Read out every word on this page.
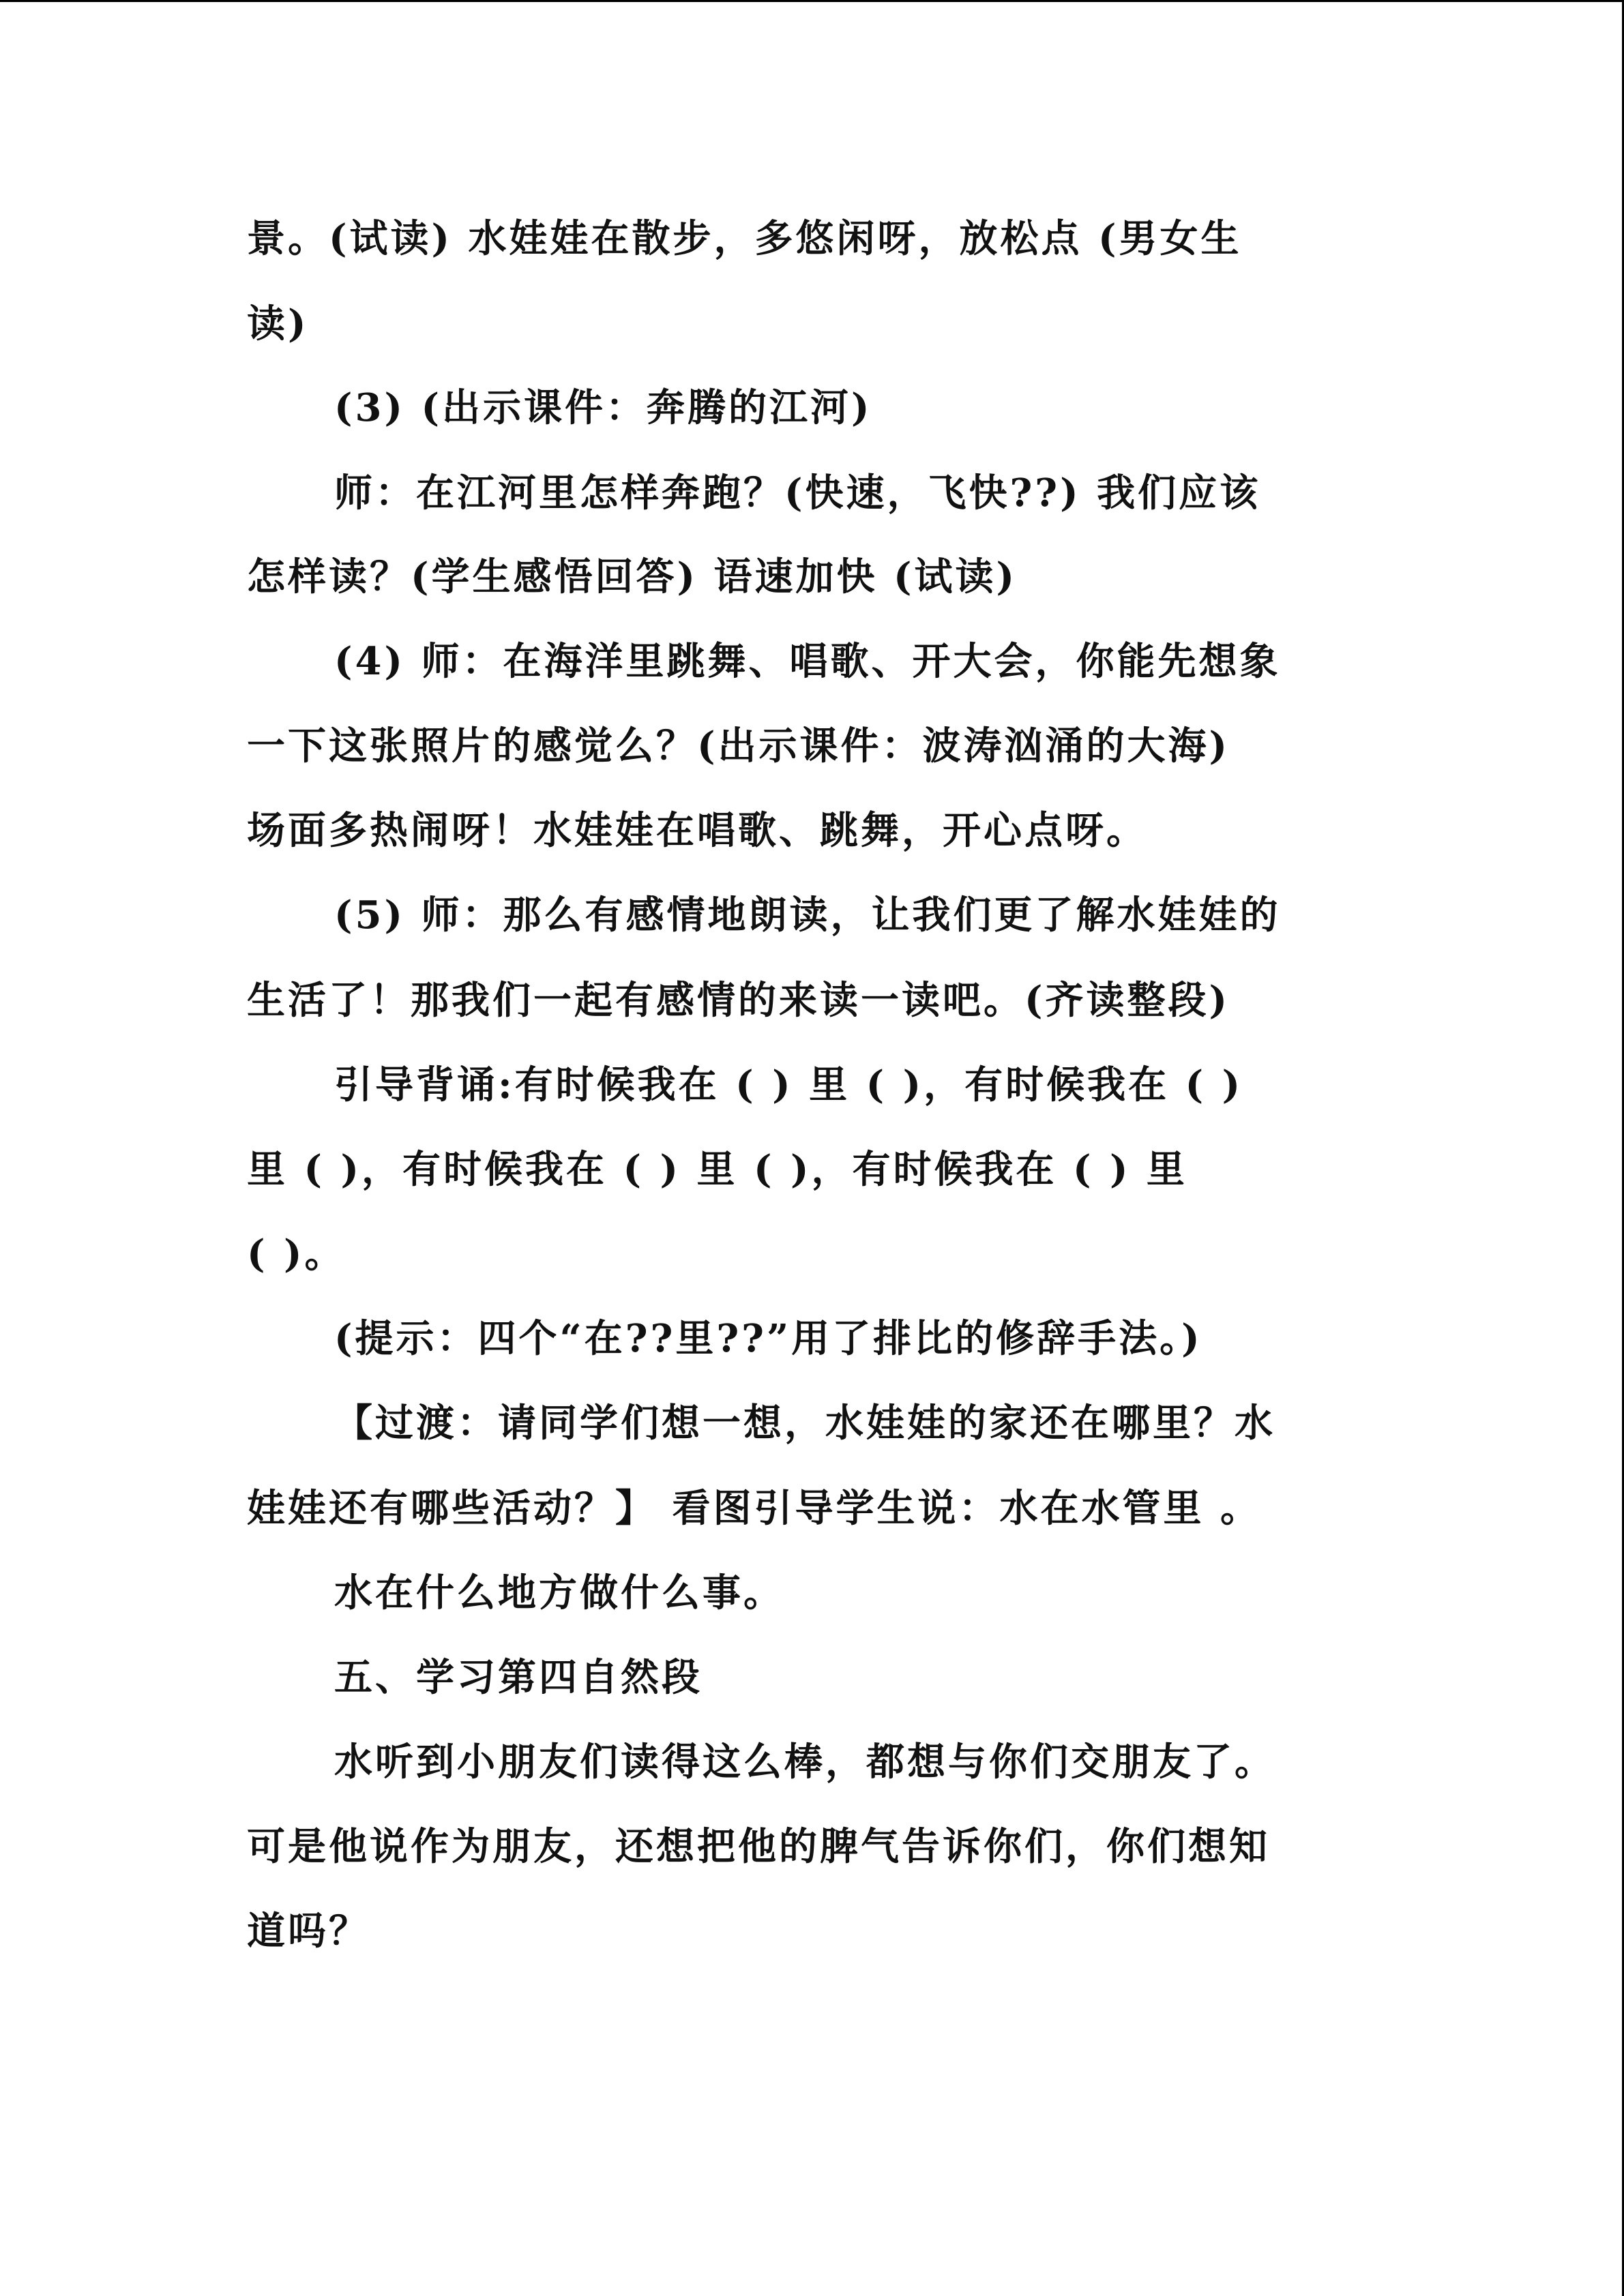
景。(试读) 水娃娃在散步，多悠闲呀，放松点 (男女生
读)
(3) (出示课件：奔腾的江河)
师：在江河里怎样奔跑？(快速，飞快??) 我们应该
怎样读？(学生感悟回答) 语速加快 (试读)
(4) 师：在海洋里跳舞、唱歌、开大会，你能先想象
一下这张照片的感觉么？(出示课件：波涛汹涌的大海)
场面多热闹呀！水娃娃在唱歌、跳舞，开心点呀。
(5) 师：那么有感情地朗读，让我们更了解水娃娃的
生活了！那我们一起有感情的来读一读吧。(齐读整段)
引导背诵:有时候我在 ( ) 里 ( )，有时候我在 ( )
里 ( )，有时候我在 ( ) 里 ( )，有时候我在 ( ) 里
( )。
(提示：四个“在??里??”用了排比的修辞手法。)
【过渡：请同学们想一想，水娃娃的家还在哪里？水
娃娃还有哪些活动？】 看图引导学生说：水在水管里 。
水在什么地方做什么事。
五、学习第四自然段
水听到小朋友们读得这么棒，都想与你们交朋友了。
可是他说作为朋友，还想把他的脾气告诉你们，你们想知
道吗？
